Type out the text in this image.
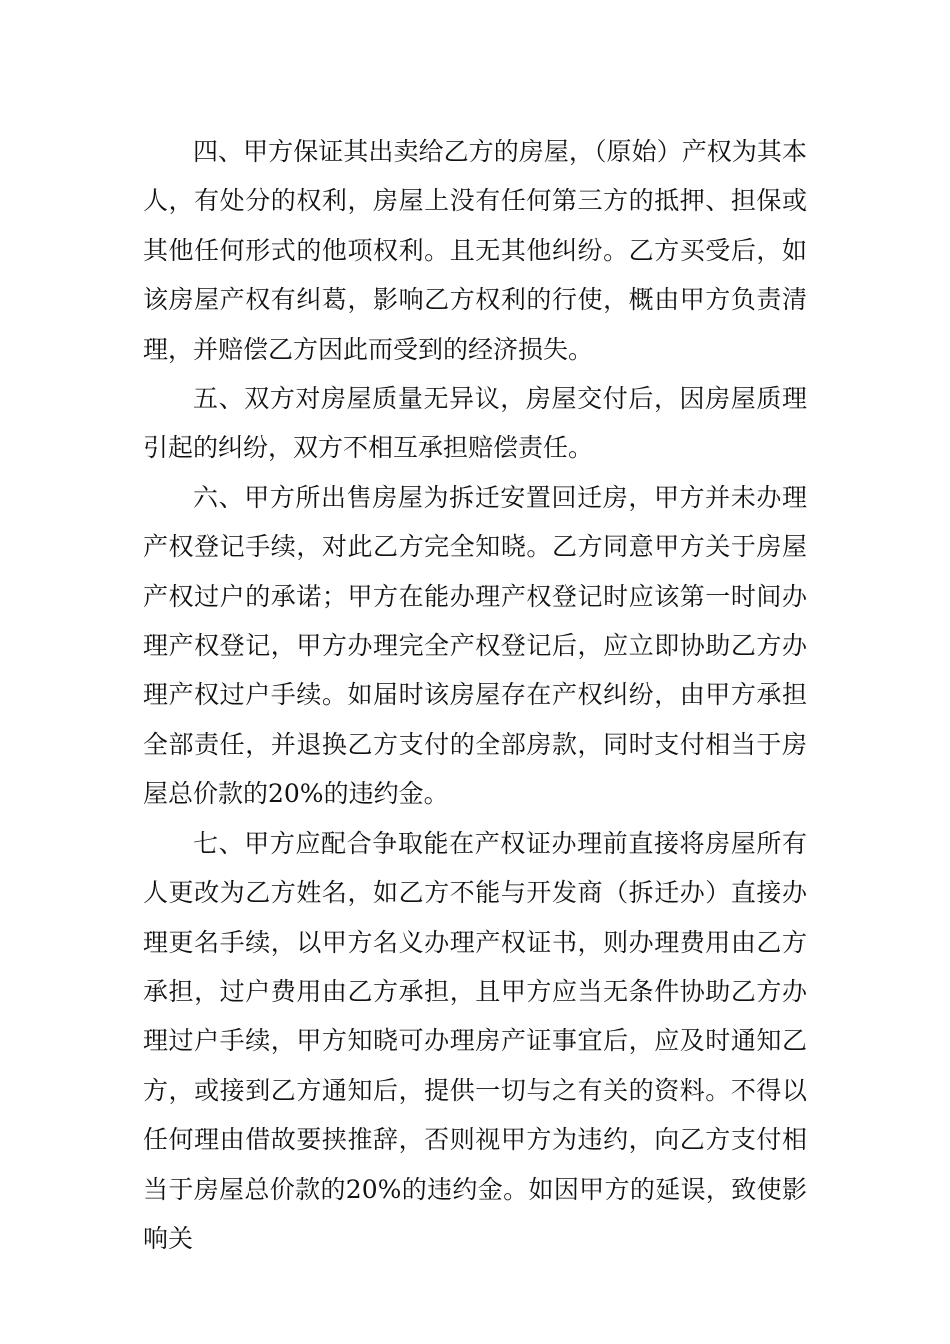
四、甲方保证其出卖给乙方的房屋，（原始）产权为其本人，有处分的权利，房屋上没有任何第三方的抵押、担保或其他任何形式的他项权利。且无其他纠纷。乙方买受后，如该房屋产权有纠葛，影响乙方权利的行使，概由甲方负责清理，并赔偿乙方因此而受到的经济损失。

五、双方对房屋质量无异议，房屋交付后，因房屋质理引起的纠纷，双方不相互承担赔偿责任。

六、甲方所出售房屋为拆迁安置回迁房，甲方并未办理产权登记手续，对此乙方完全知晓。乙方同意甲方关于房屋产权过户的承诺；甲方在能办理产权登记时应该第一时间办理产权登记，甲方办理完全产权登记后，应立即协助乙方办理产权过户手续。如届时该房屋存在产权纠纷，由甲方承担全部责任，并退换乙方支付的全部房款，同时支付相当于房屋总价款的20%的违约金。

七、甲方应配合争取能在产权证办理前直接将房屋所有人更改为乙方姓名，如乙方不能与开发商（拆迁办）直接办理更名手续，以甲方名义办理产权证书，则办理费用由乙方承担，过户费用由乙方承担，且甲方应当无条件协助乙方办理过户手续，甲方知晓可办理房产证事宜后，应及时通知乙方，或接到乙方通知后，提供一切与之有关的资料。不得以任何理由借故要挟推辞，否则视甲方为违约，向乙方支付相当于房屋总价款的20%的违约金。如因甲方的延误，致使影响关
